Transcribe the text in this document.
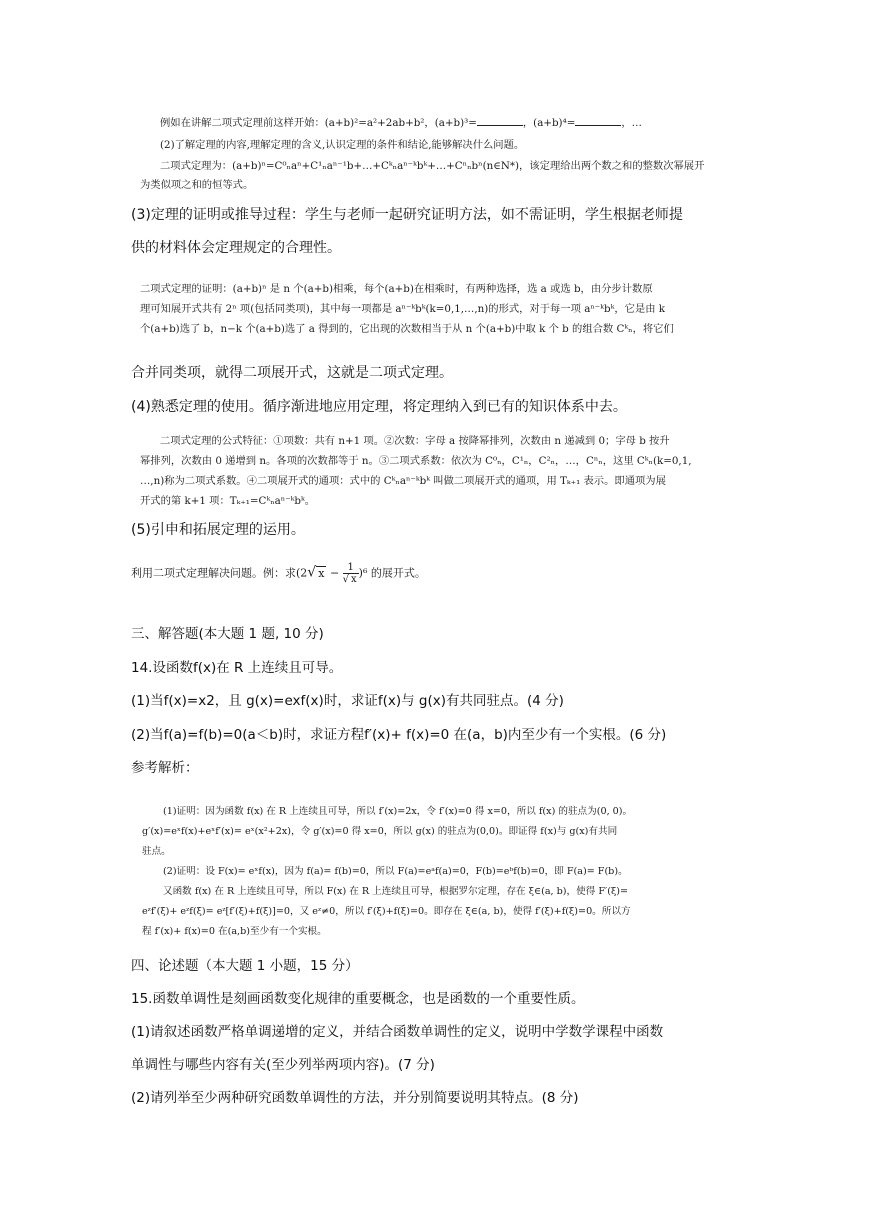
例如在讲解二项式定理前这样开始：(a+b)²=a²+2ab+b²，(a+b)³=	，(a+b)⁴=	，…
(2)了解定理的内容,理解定理的含义,认识定理的条件和结论,能够解决什么问题。
二项式定理为：(a+b)ⁿ=C⁰ₙaⁿ+C¹ₙaⁿ⁻¹b+…+Cᵏₙaⁿ⁻ᵏbᵏ+…+Cⁿₙbⁿ(n∈N*)，该定理给出两个数之和的整数次幂展开
为类似项之和的恒等式。
(3)定理的证明或推导过程：学生与老师一起研究证明方法，如不需证明，学生根据老师提
供的材料体会定理规定的合理性。
二项式定理的证明：(a+b)ⁿ 是 n 个(a+b)相乘，每个(a+b)在相乘时，有两种选择，选 a 或选 b，由分步计数原
理可知展开式共有 2ⁿ 项(包括同类项)，其中每一项都是 aⁿ⁻ᵏbᵏ(k=0,1,…,n)的形式，对于每一项 aⁿ⁻ᵏbᵏ，它是由 k
个(a+b)选了 b，n−k 个(a+b)选了 a 得到的，它出现的次数相当于从 n 个(a+b)中取 k 个 b 的组合数 Cᵏₙ，将它们
合并同类项，就得二项展开式，这就是二项式定理。
(4)熟悉定理的使用。循序渐进地应用定理，将定理纳入到已有的知识体系中去。
二项式定理的公式特征：①项数：共有 n+1 项。②次数：字母 a 按降幂排列，次数由 n 递减到 0；字母 b 按升
幂排列，次数由 0 递增到 n。各项的次数都等于 n。③二项式系数：依次为 C⁰ₙ，C¹ₙ，C²ₙ，…，Cⁿₙ，这里 Cᵏₙ(k=0,1,
…,n)称为二项式系数。④二项展开式的通项：式中的 Cᵏₙaⁿ⁻ᵏbᵏ 叫做二项展开式的通项，用 Tₖ₊₁ 表示。即通项为展
开式的第 k+1 项：Tₖ₊₁=Cᵏₙaⁿ⁻ᵏbᵏ。
(5)引申和拓展定理的运用。
利用二项式定理解决问题。例：求(2√ $x - \frac{1}{√ x})^6$ 的展开式。
三、解答题(本大题 1 题, 10 分)
14.设函数f(x)在 R 上连续且可导。
(1)当f(x)=x2，且 g(x)=exf(x)时，求证f(x)与 g(x)有共同驻点。(4 分)
(2)当f(a)=f(b)=0(a＜b)时，求证方程f′(x)+ f(x)=0 在(a，b)内至少有一个实根。(6 分)
参考解析：
(1)证明：因为函数 f(x) 在 R 上连续且可导，所以 f′(x)=2x，令 f′(x)=0 得 x=0，所以 f(x) 的驻点为(0, 0)。
g′(x)=eˣf(x)+eˣf′(x)= eˣ(x²+2x)，令 g′(x)=0 得 x=0，所以 g(x) 的驻点为(0,0)。即证得 f(x)与 g(x)有共同
驻点。
(2)证明：设 F(x)= eˣf(x)，因为 f(a)= f(b)=0，所以 F(a)=eᵃf(a)=0，F(b)=eᵇf(b)=0，即 F(a)= F(b)。
又函数 f(x) 在 R 上连续且可导，所以 F(x) 在 R 上连续且可导，根据罗尔定理，存在 ξ∈(a, b)，使得 F′(ξ)=
eᶻf′(ξ)+ eᶻf(ξ)= eᶻ[f′(ξ)+f(ξ)]=0，又 eᶻ≠0，所以 f′(ξ)+f(ξ)=0。即存在 ξ∈(a, b)，使得 f′(ξ)+f(ξ)=0。所以方
程 f′(x)+ f(x)=0 在(a,b)至少有一个实根。
四、论述题（本大题 1 小题，15 分）
15.函数单调性是刻画函数变化规律的重要概念，也是函数的一个重要性质。
(1)请叙述函数严格单调递增的定义，并结合函数单调性的定义，说明中学数学课程中函数
单调性与哪些内容有关(至少列举两项内容)。(7 分)
(2)请列举至少两种研究函数单调性的方法，并分别简要说明其特点。(8 分)
